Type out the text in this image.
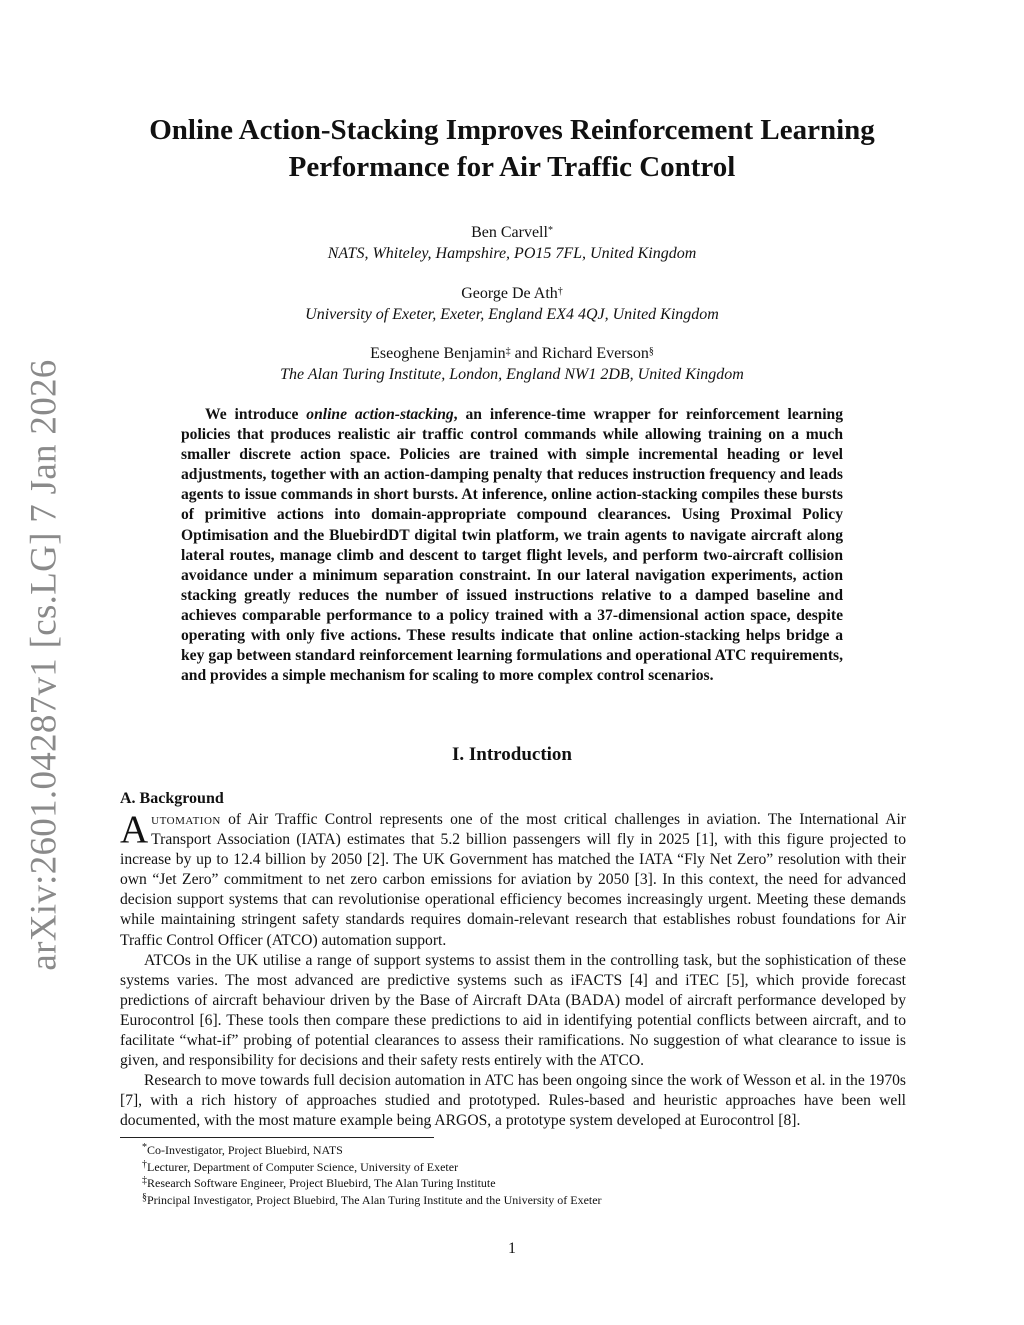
arXiv:2601.04287v1 [cs.LG] 7 Jan 2026
Online Action-Stacking Improves Reinforcement Learning
Performance for Air Traffic Control
Ben Carvell*
NATS, Whiteley, Hampshire, PO15 7FL, United Kingdom
George De Ath†
University of Exeter, Exeter, England EX4 4QJ, United Kingdom
Eseoghene Benjamin‡ and Richard Everson§
The Alan Turing Institute, London, England NW1 2DB, United Kingdom
We introduce online action-stacking, an inference-time wrapper for reinforcement learning policies that produces realistic air traffic control commands while allowing training on a much smaller discrete action space. Policies are trained with simple incremental heading or level adjustments, together with an action-damping penalty that reduces instruction frequency and leads agents to issue commands in short bursts. At inference, online action-stacking compiles these bursts of primitive actions into domain-appropriate compound clearances. Using Proximal Policy Optimisation and the BluebirdDT digital twin platform, we train agents to navigate aircraft along lateral routes, manage climb and descent to target flight levels, and perform two-aircraft collision avoidance under a minimum separation constraint. In our lateral navigation experiments, action stacking greatly reduces the number of issued instructions relative to a damped baseline and achieves comparable performance to a policy trained with a 37-dimensional action space, despite operating with only five actions. These results indicate that online action-stacking helps bridge a key gap between standard reinforcement learning formulations and operational ATC requirements, and provides a simple mechanism for scaling to more complex control scenarios.
I. Introduction
A. Background

Automation of Air Traffic Control represents one of the most critical challenges in aviation. The International Air Transport Association (IATA) estimates that 5.2 billion passengers will fly in 2025 [1], with this figure projected to increase by up to 12.4 billion by 2050 [2]. The UK Government has matched the IATA “Fly Net Zero” resolution with their own “Jet Zero” commitment to net zero carbon emissions for aviation by 2050 [3]. In this context, the need for advanced decision support systems that can revolutionise operational efficiency becomes increasingly urgent. Meeting these demands while maintaining stringent safety standards requires domain-relevant research that establishes robust foundations for Air Traffic Control Officer (ATCO) automation support.

ATCOs in the UK utilise a range of support systems to assist them in the controlling task, but the sophistication of these systems varies. The most advanced are predictive systems such as iFACTS [4] and iTEC [5], which provide forecast predictions of aircraft behaviour driven by the Base of Aircraft DAta (BADA) model of aircraft performance developed by Eurocontrol [6]. These tools then compare these predictions to aid in identifying potential conflicts between aircraft, and to facilitate “what-if” probing of potential clearances to assess their ramifications. No suggestion of what clearance to issue is given, and responsibility for decisions and their safety rests entirely with the ATCO.

Research to move towards full decision automation in ATC has been ongoing since the work of Wesson et al. in the 1970s [7], with a rich history of approaches studied and prototyped. Rules-based and heuristic approaches have been well documented, with the most mature example being ARGOS, a prototype system developed at Eurocontrol [8].

*Co-Investigator, Project Bluebird, NATS
†Lecturer, Department of Computer Science, University of Exeter
‡Research Software Engineer, Project Bluebird, The Alan Turing Institute
§Principal Investigator, Project Bluebird, The Alan Turing Institute and the University of Exeter
1
